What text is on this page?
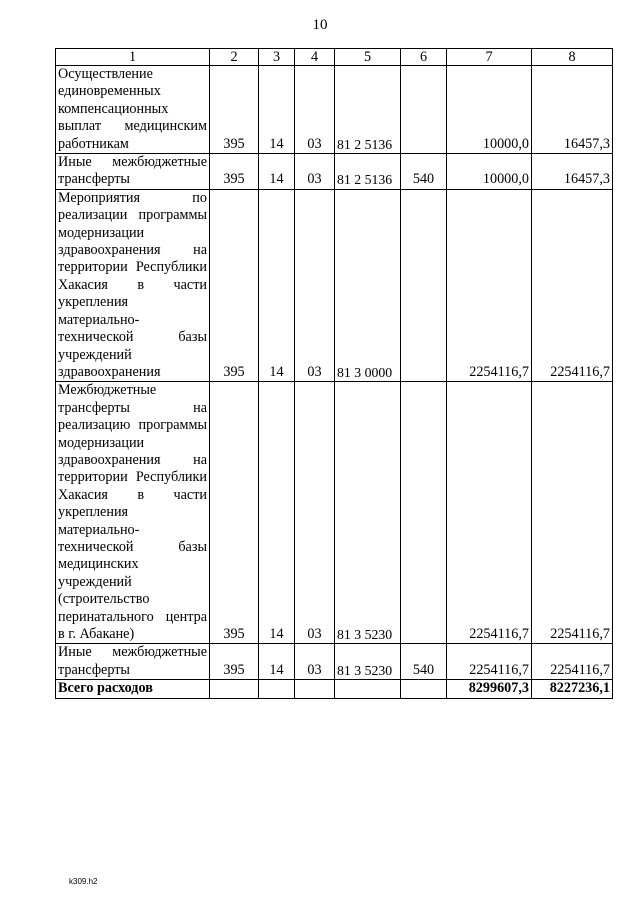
10
1	2	3	4	5	6	7	8
Осуществление единовременных компенсационных выплат медицинским работникам	395	14	03	81 2 5136		10000,0	16457,3
Иные межбюджетные трансферты	395	14	03	81 2 5136	540	10000,0	16457,3
Мероприятия по реализации программы модернизации здравоохранения на территории Республики Хакасия в части укрепления материально-технической базы учреждений здравоохранения	395	14	03	81 3 0000		2254116,7	2254116,7
Межбюджетные трансферты на реализацию программы модернизации здравоохранения на территории Республики Хакасия в части укрепления материально-технической базы медицинских учреждений (строительство перинатального центра в г. Абакане)	395	14	03	81 3 5230		2254116,7	2254116,7
Иные межбюджетные трансферты	395	14	03	81 3 5230	540	2254116,7	2254116,7
Всего расходов						8299607,3	8227236,1
k309.h2
